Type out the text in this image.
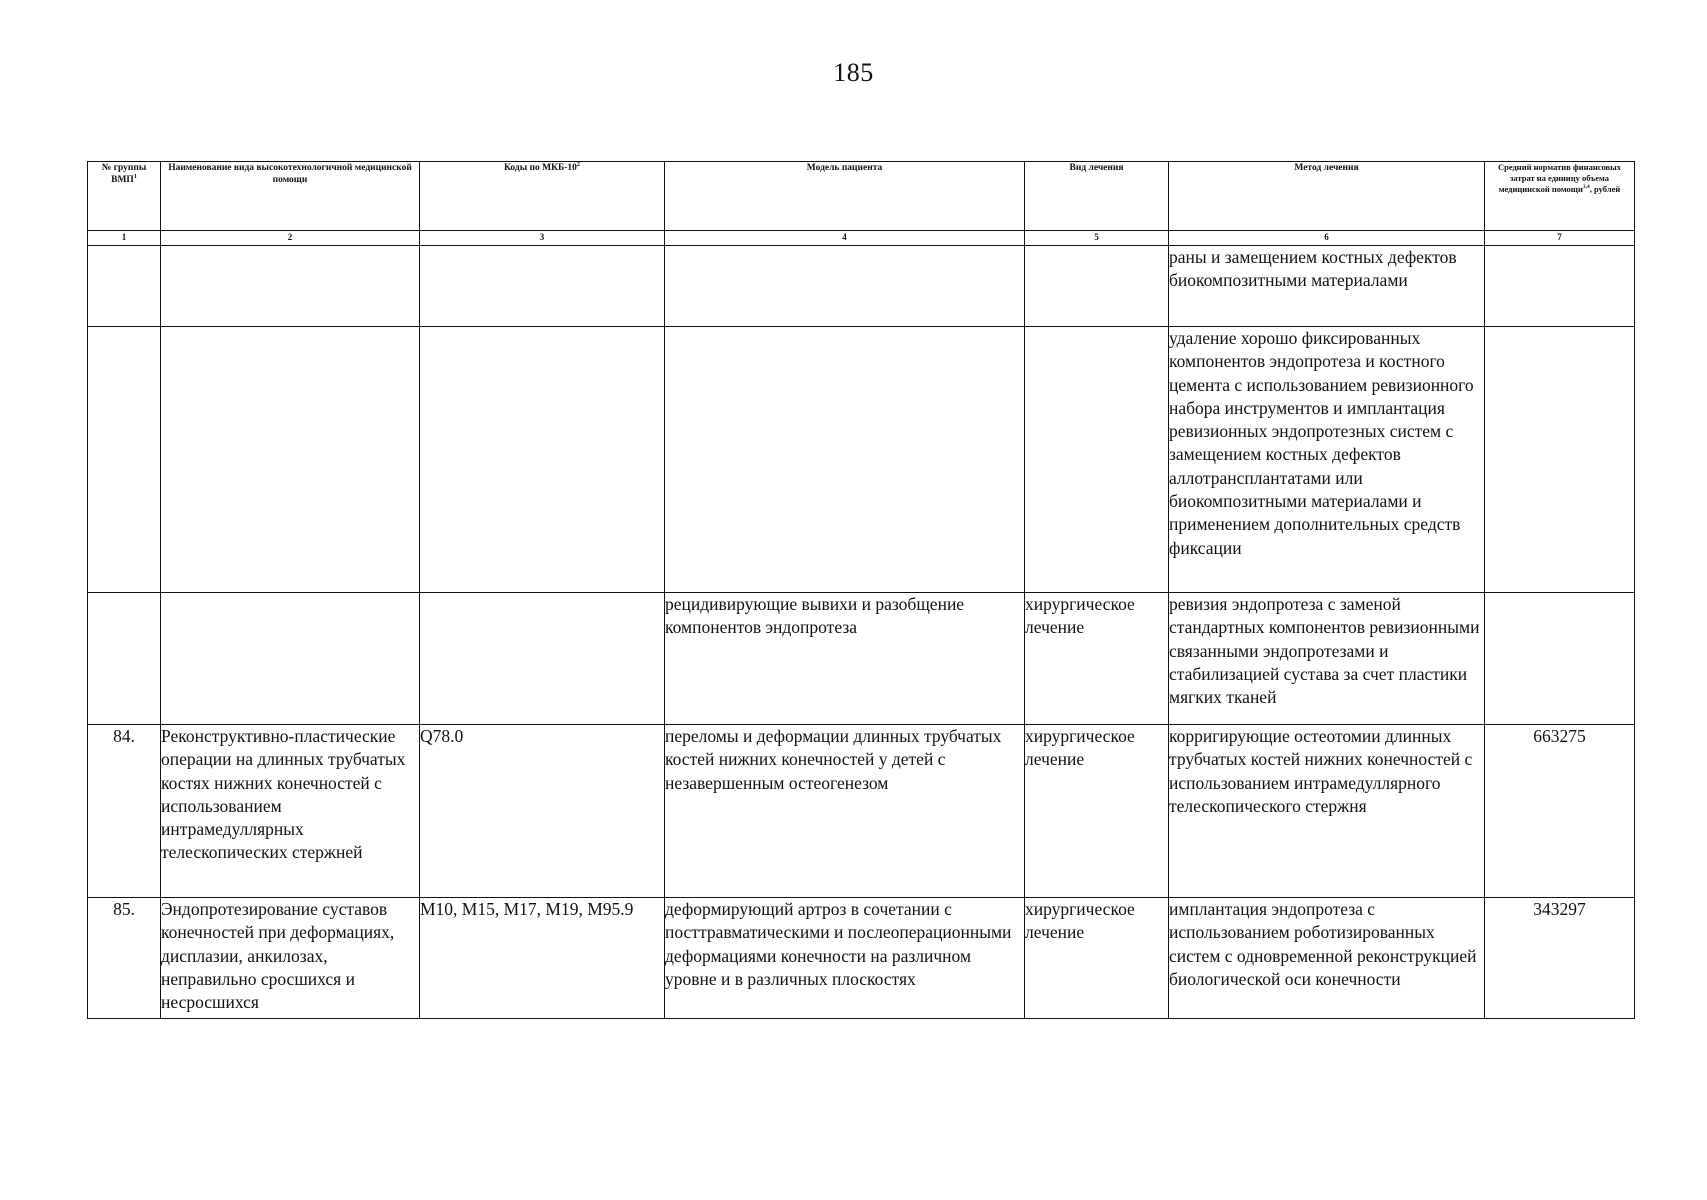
185
№ группы ВМП$^1$	Наименование вида высокотехнологичной медицинской помощи	Коды по МКБ-$10^2$	Модель пациента	Вид лечения	Метод лечения	Средний норматив финансовых затрат на единицу объема медицинской помощи$^{3,4}$, рублей
1	2	3	4	5	6	7
					раны и замещением костных дефектов биокомпозитными материалами	
					удаление хорошо фиксированных компонентов эндопротеза и костного цемента с использованием ревизионного набора инструментов и имплантация ревизионных эндопротезных систем с замещением костных дефектов аллотрансплантатами или биокомпозитными материалами и применением дополнительных средств фиксации	
			рецидивирующие вывихи и разобщение компонентов эндопротеза	хирургическое лечение	ревизия эндопротеза с заменой стандартных компонентов ревизионными связанными эндопротезами и стабилизацией сустава за счет пластики мягких тканей	
84.	Реконструктивно-пластические операции на длинных трубчатых костях нижних конечностей с использованием интрамедуллярных телескопических стержней	Q78.0	переломы и деформации длинных трубчатых костей нижних конечностей у детей с незавершенным остеогенезом	хирургическое лечение	корригирующие остеотомии длинных трубчатых костей нижних конечностей с использованием интрамедуллярного телескопического стержня	663275
85.	Эндопротезирование суставов конечностей при деформациях, дисплазии, анкилозах, неправильно сросшихся и несросшихся	M10, M15, M17, M19, M95.9	деформирующий артроз в сочетании с посттравматическими и послеоперационными деформациями конечности на различном уровне и в различных плоскостях	хирургическое лечение	имплантация эндопротеза с использованием роботизированных систем с одновременной реконструкцией биологической оси конечности	343297
